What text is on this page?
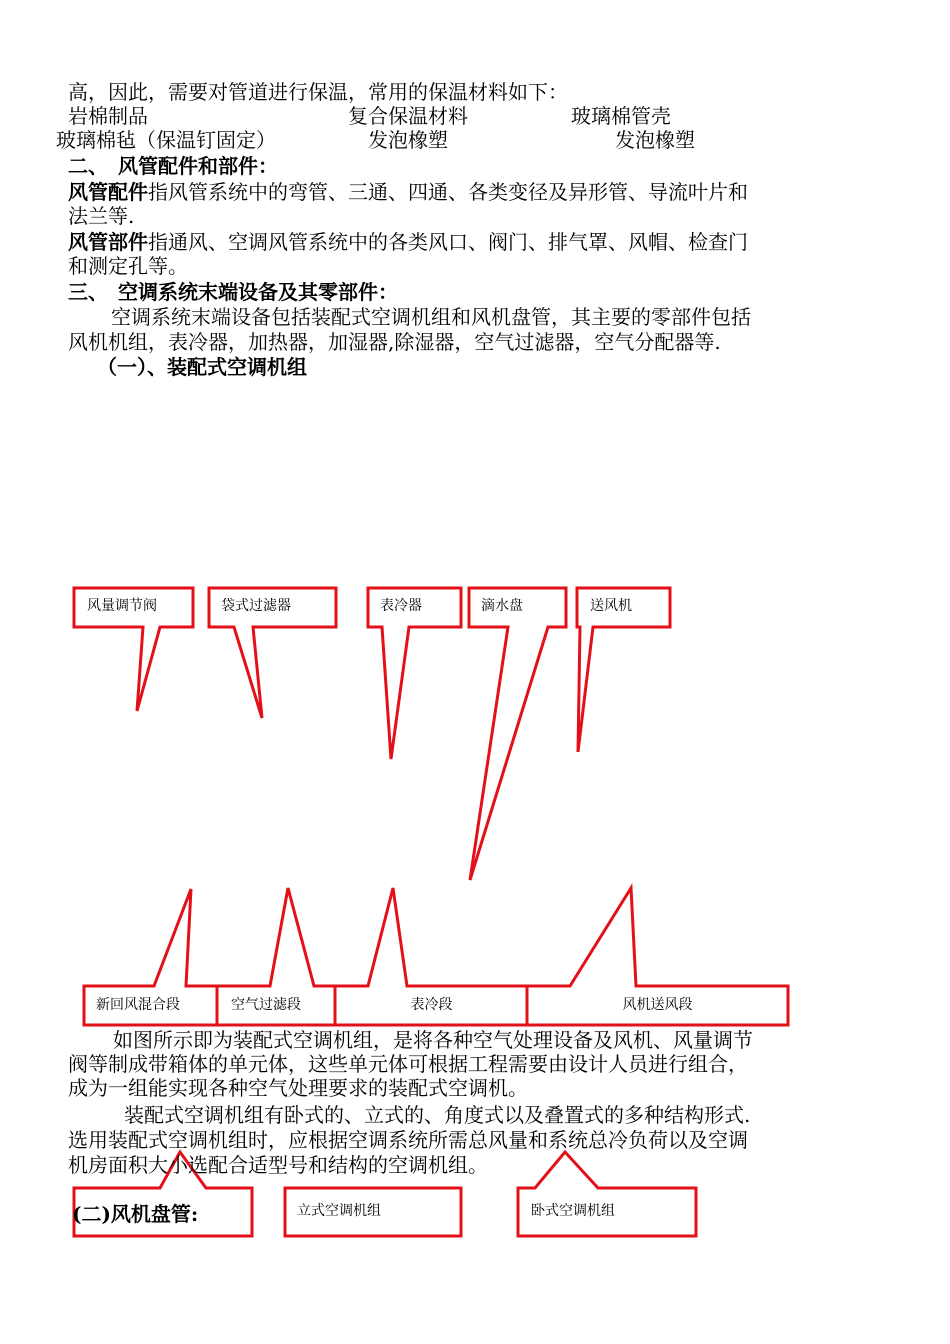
高，因此，需要对管道进行保温，常用的保温材料如下：
岩棉制品	复合保温材料	玻璃棉管壳
玻璃棉毡（保温钉固定）	发泡橡塑	发泡橡塑
二、　风管配件和部件：
风管配件指风管系统中的弯管、三通、四通、各类变径及异形管、导流叶片和
法兰等.
风管部件指通风、空调风管系统中的各类风口、阀门、排气罩、风帽、检查门
和测定孔等。
三、　空调系统末端设备及其零部件：
空调系统末端设备包括装配式空调机组和风机盘管，其主要的零部件包括
风机机组，表冷器，加热器，加湿器,除湿器，空气过滤器，空气分配器等.
（一）、装配式空调机组
风量调节阀	袋式过滤器	表冷器	滴水盘	送风机
新回风混合段	空气过滤段	表冷段	风机送风段
如图所示即为装配式空调机组，是将各种空气处理设备及风机、风量调节
阀等制成带箱体的单元体，这些单元体可根据工程需要由设计人员进行组合，
成为一组能实现各种空气处理要求的装配式空调机。
装配式空调机组有卧式的、立式的、角度式以及叠置式的多种结构形式.
选用装配式空调机组时，应根据空调系统所需总风量和系统总冷负荷以及空调
机房面积大小选配合适型号和结构的空调机组。
(二)风机盘管:	立式空调机组	卧式空调机组
